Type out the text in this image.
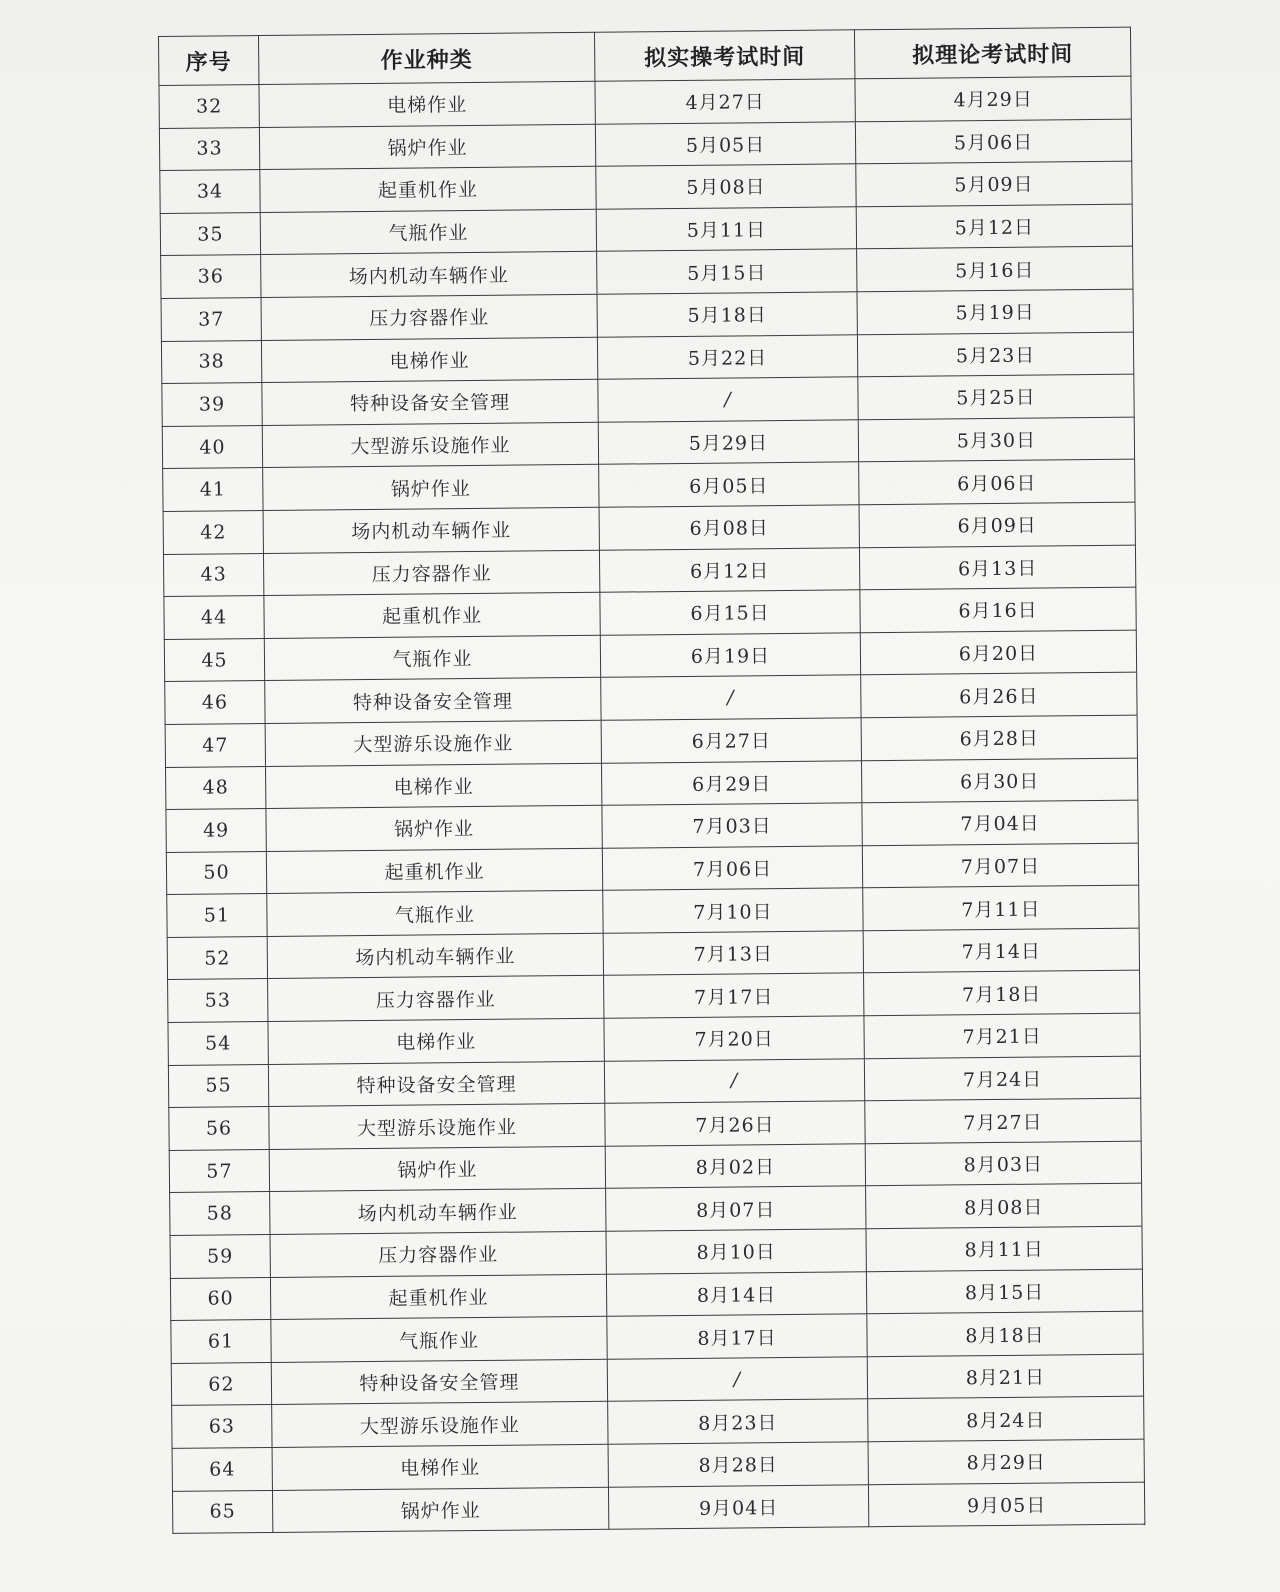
序号	作业种类	拟实操考试时间	拟理论考试时间
32	电梯作业	4月27日	4月29日
33	锅炉作业	5月05日	5月06日
34	起重机作业	5月08日	5月09日
35	气瓶作业	5月11日	5月12日
36	场内机动车辆作业	5月15日	5月16日
37	压力容器作业	5月18日	5月19日
38	电梯作业	5月22日	5月23日
39	特种设备安全管理	/	5月25日
40	大型游乐设施作业	5月29日	5月30日
41	锅炉作业	6月05日	6月06日
42	场内机动车辆作业	6月08日	6月09日
43	压力容器作业	6月12日	6月13日
44	起重机作业	6月15日	6月16日
45	气瓶作业	6月19日	6月20日
46	特种设备安全管理	/	6月26日
47	大型游乐设施作业	6月27日	6月28日
48	电梯作业	6月29日	6月30日
49	锅炉作业	7月03日	7月04日
50	起重机作业	7月06日	7月07日
51	气瓶作业	7月10日	7月11日
52	场内机动车辆作业	7月13日	7月14日
53	压力容器作业	7月17日	7月18日
54	电梯作业	7月20日	7月21日
55	特种设备安全管理	/	7月24日
56	大型游乐设施作业	7月26日	7月27日
57	锅炉作业	8月02日	8月03日
58	场内机动车辆作业	8月07日	8月08日
59	压力容器作业	8月10日	8月11日
60	起重机作业	8月14日	8月15日
61	气瓶作业	8月17日	8月18日
62	特种设备安全管理	/	8月21日
63	大型游乐设施作业	8月23日	8月24日
64	电梯作业	8月28日	8月29日
65	锅炉作业	9月04日	9月05日
